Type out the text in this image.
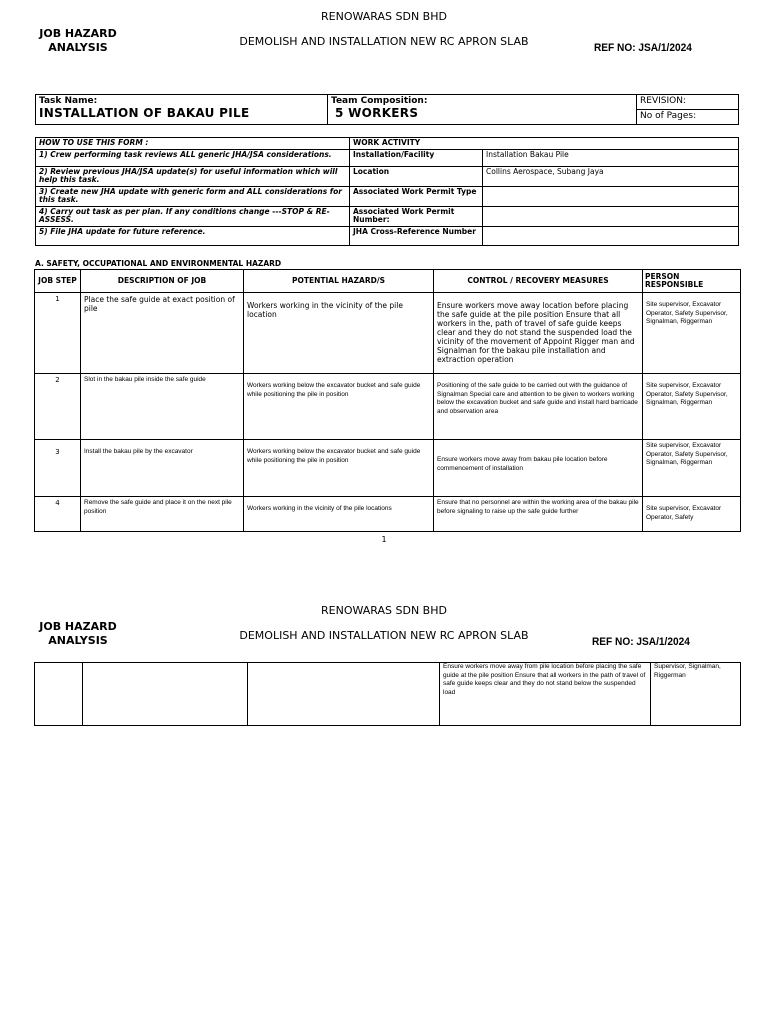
RENOWARAS SDN BHD
JOB HAZARD
ANALYSIS	DEMOLISH AND INSTALLATION NEW RC APRON SLAB	REF NO: JSA/1/2024
Task Name:
INSTALLATION OF BAKAU PILE

Team Composition:
5 WORKERS
	REVISION:
No of Pages:
HOW TO USE THIS FORM :	WORK ACTIVITY	
1) Crew performing task reviews ALL generic JHA/JSA considerations.	Installation/Facility	Installation Bakau Pile
2) Review previous JHA/JSA update(s) for useful information which will help this task.	Location	Collins Aerospace, Subang Jaya
3) Create new JHA update with generic form and ALL considerations for this task.	Associated Work Permit Type	
4) Carry out task as per plan. If any conditions change ---STOP & RE-ASSESS.	Associated Work Permit Number:	
5) File JHA update for future reference.	JHA Cross-Reference Number	
A. SAFETY, OCCUPATIONAL AND ENVIRONMENTAL HAZARD
JOB STEP	DESCRIPTION OF JOB	POTENTIAL HAZARD/S	CONTROL / RECOVERY MEASURES	PERSON RESPONSIBLE
1	Place the safe guide at exact position of pile	Workers working in the vicinity of the pile location	Ensure workers move away location before placing the safe guide at the pile position Ensure that all workers in the, path of travel of safe guide keeps clear and they do not stand the suspended load the vicinity of the movement of Appoint Rigger man and Signalman for the bakau pile installation and extraction operation	Site supervisor, Excavator Operator, Safety Supervisor, Signalman, Riggerman
2	Slot in the bakau pile inside the safe guide	Workers working below the excavator bucket and safe guide while positioning the pile in position	Positioning of the safe guide to be carried out with the guidance of Signalman Special care and attention to be given to workers working below the excavation bucket and safe guide and install hard barricade and observation area	Site supervisor, Excavator Operator, Safety Supervisor, Signalman, Riggerman
3	Install the bakau pile by the excavator	Workers working below the excavator bucket and safe guide while positioning the pile in position	Ensure workers move away from bakau pile location before commencement of installation	Site supervisor, Excavator Operator, Safety Supervisor, Signalman, Riggerman
4	Remove the safe guide and place it on the next pile position	Workers working in the vicinity of the pile locations	Ensure that no personnel are within the working area of the bakau pile before signaling to raise up the safe guide further	Site supervisor, Excavator Operator, Safety
1
RENOWARAS SDN BHD
JOB HAZARD
ANALYSIS	DEMOLISH AND INSTALLATION NEW RC APRON SLAB	REF NO: JSA/1/2024
			Ensure workers move away from pile location before placing the safe guide at the pile position Ensure that all workers in the path of travel of safe guide keeps clear and they do not stand below the suspended load	Supervisor, Signalman, Riggerman
